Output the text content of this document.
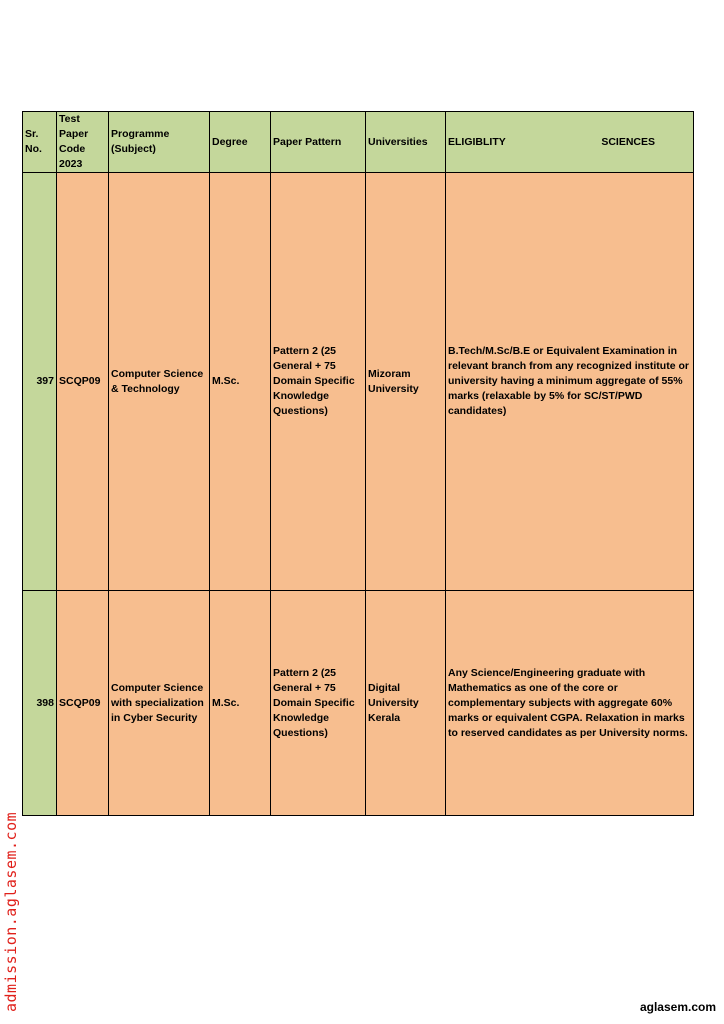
Sr. No.	Test Paper Code 2023	Programme (Subject)	Degree	Paper Pattern	Universities	ELIGIBLITY SCIENCES

397	SCQP09	Computer Science & Technology	M.Sc.	Pattern 2 (25 General + 75 Domain Specific Knowledge Questions)	Mizoram University	B.Tech/M.Sc/B.E or Equivalent Examination in relevant branch from any recognized institute or university having a minimum aggregate of 55% marks (relaxable by 5% for SC/ST/PWD candidates)
398	SCQP09	Computer Science with specialization in Cyber Security	M.Sc.	Pattern 2 (25 General + 75 Domain Specific Knowledge Questions)	Digital University Kerala	Any Science/Engineering graduate with Mathematics as one of the core or complementary subjects with aggregate 60% marks or equivalent CGPA. Relaxation in marks to reserved candidates as per University norms.
admission.aglasem.com	aglasem.com
